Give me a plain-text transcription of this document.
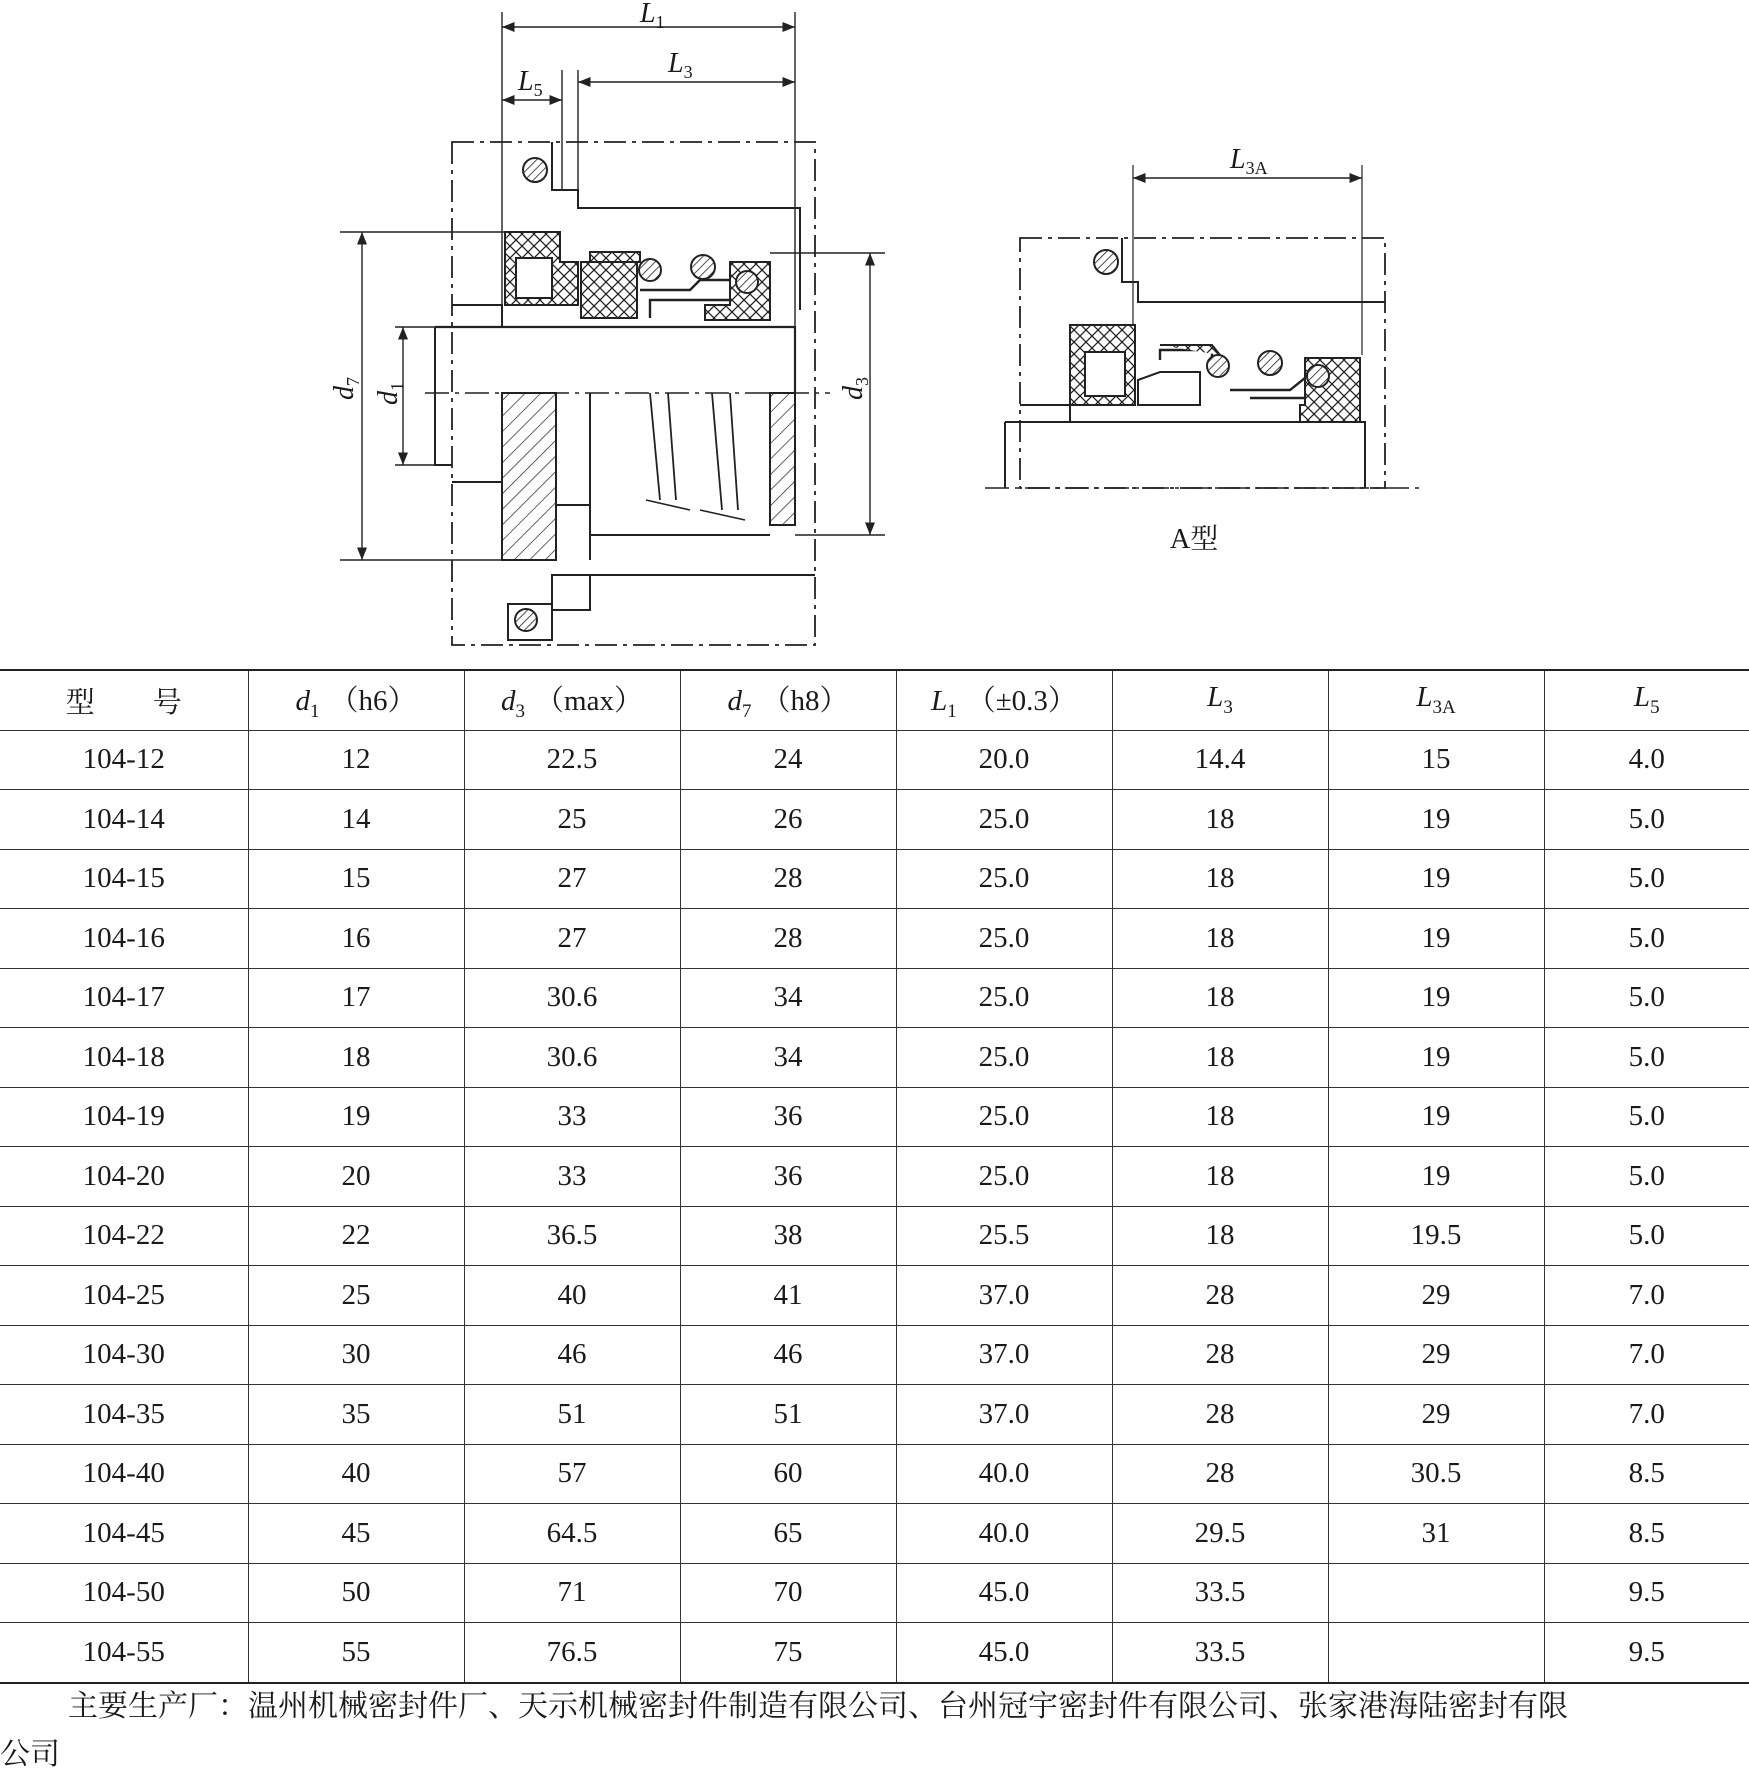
$L_1$
$L_3$
$L_5$
$L_{3A}$
$d_7$
$d_1$	$d_3$
A型
型　　号	$d_1$ （h6）	$d_3$ （max）	$d_7$ （h8）	$L_1$ （±0.3）	$L_3$	$L_{3A}$	$L_5$
104-12	12	22.5	24	20.0	14.4	15	4.0
104-14	14	25	26	25.0	18	19	5.0
104-15	15	27	28	25.0	18	19	5.0
104-16	16	27	28	25.0	18	19	5.0
104-17	17	30.6	34	25.0	18	19	5.0
104-18	18	30.6	34	25.0	18	19	5.0
104-19	19	33	36	25.0	18	19	5.0
104-20	20	33	36	25.0	18	19	5.0
104-22	22	36.5	38	25.5	18	19.5	5.0
104-25	25	40	41	37.0	28	29	7.0
104-30	30	46	46	37.0	28	29	7.0
104-35	35	51	51	37.0	28	29	7.0
104-40	40	57	60	40.0	28	30.5	8.5
104-45	45	64.5	65	40.0	29.5	31	8.5
104-50	50	71	70	45.0	33.5		9.5
104-55	55	76.5	75	45.0	33.5		9.5
主要生产厂：温州机械密封件厂、天示机械密封件制造有限公司、台州冠宇密封件有限公司、张家港海陆密封有限
公司
